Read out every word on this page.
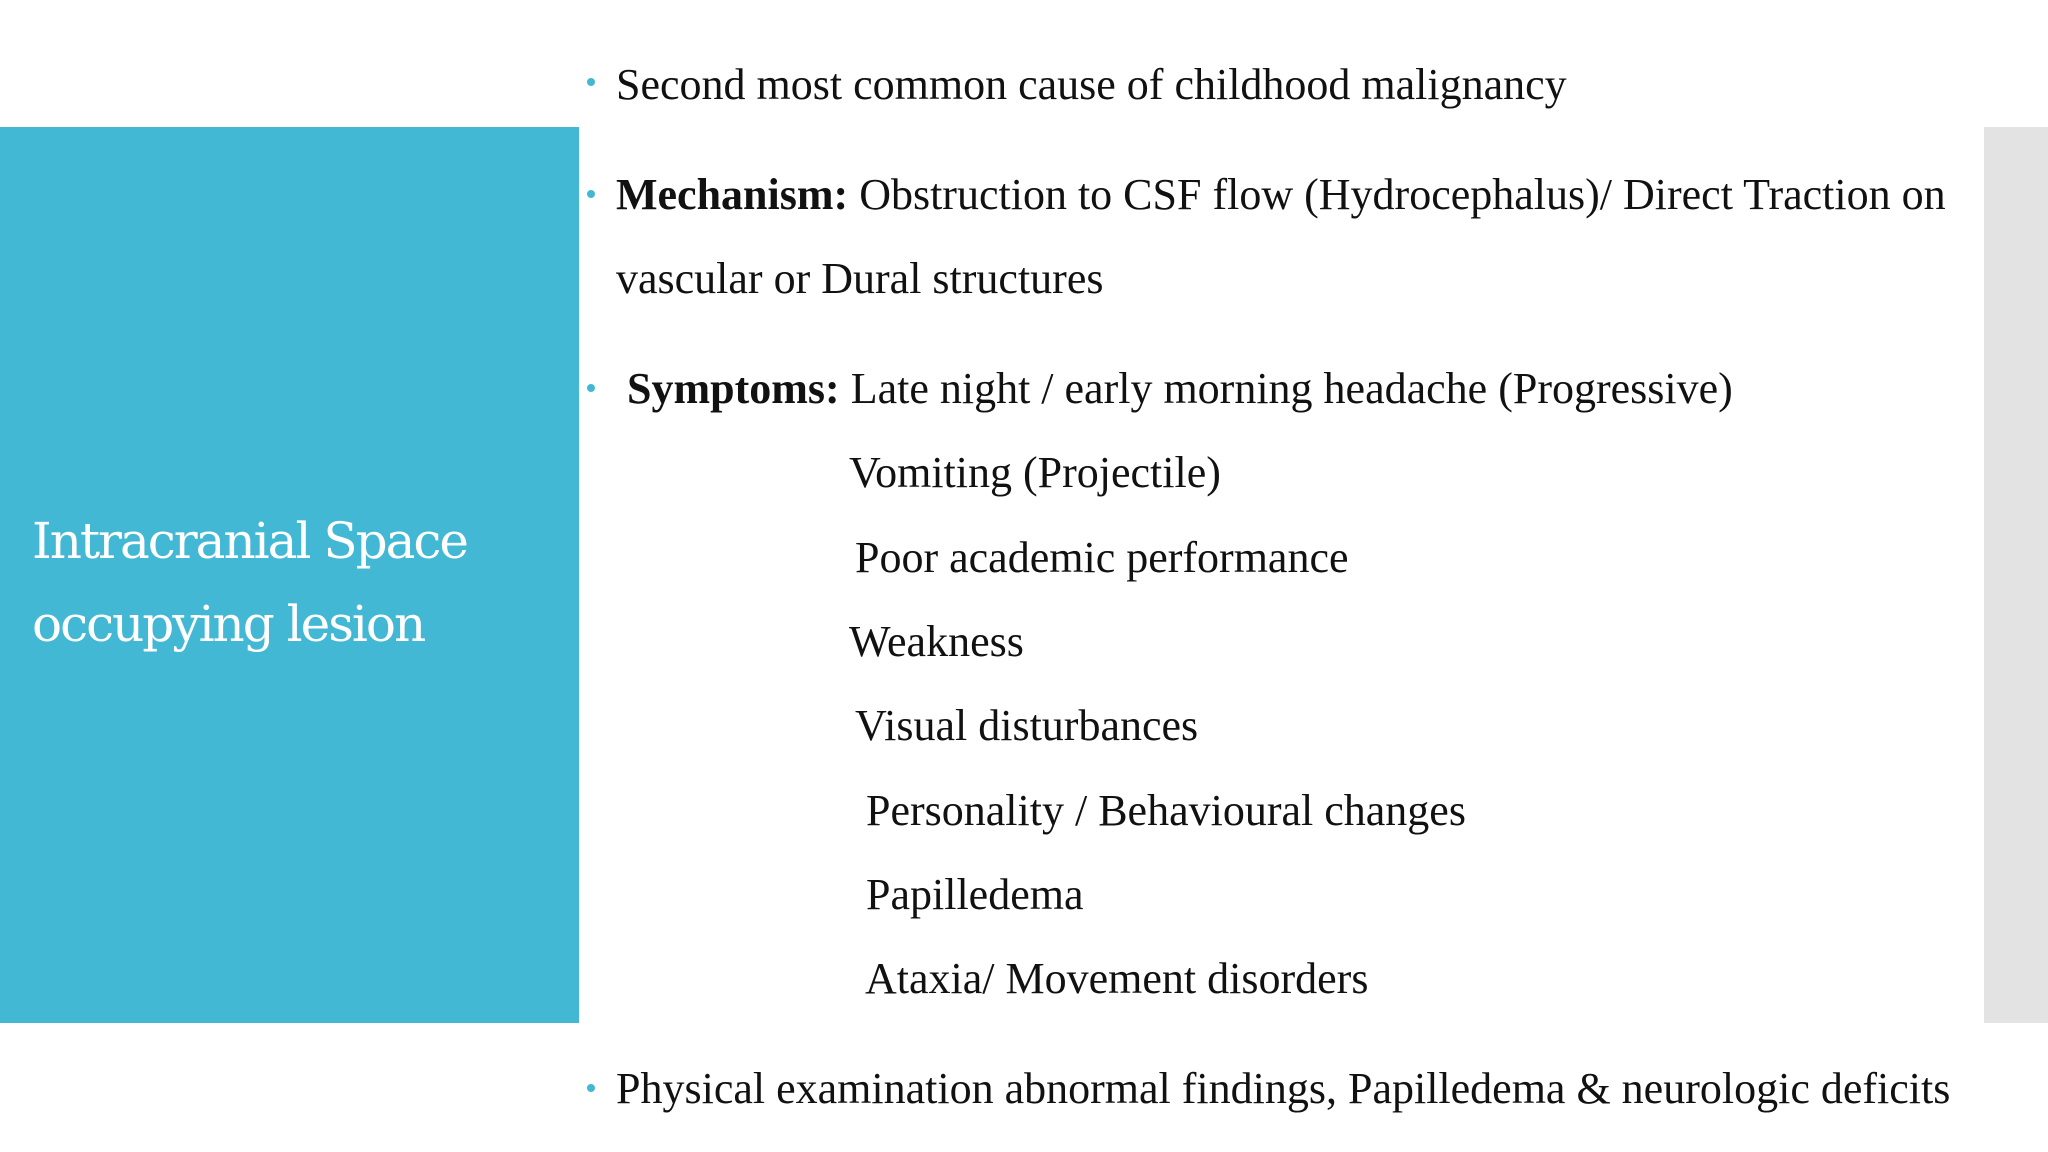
Intracranial Space
occupying lesion

Second most common cause of childhood malignancy

Mechanism: Obstruction to CSF flow (Hydrocephalus)/ Direct Traction on

vascular or Dural structures

Symptoms: Late night / early morning headache (Progressive)

Vomiting (Projectile)

Poor academic performance

Weakness

Visual disturbances

Personality / Behavioural changes

Papilledema

Ataxia/ Movement disorders

Physical examination abnormal findings, Papilledema & neurologic deficits
